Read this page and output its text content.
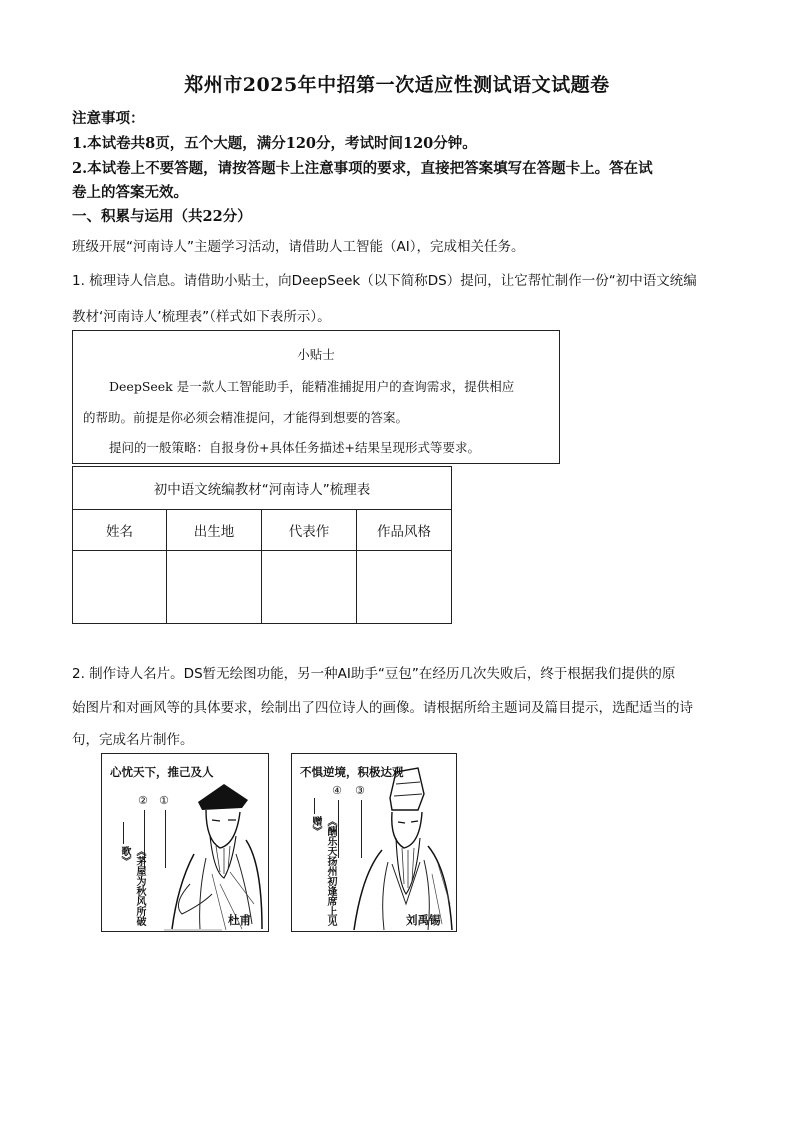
郑州市2025年中招第一次适应性测试语文试题卷
注意事项：
1.本试卷共8页，五个大题，满分120分，考试时间120分钟。
2.本试卷上不要答题，请按答题卡上注意事项的要求，直接把答案填写在答题卡上。答在试
卷上的答案无效。
一、积累与运用（共22分）
班级开展“河南诗人”主题学习活动，请借助人工智能（AI），完成相关任务。
1. 梳理诗人信息。请借助小贴士，向DeepSeek（以下简称DS）提问，让它帮忙制作一份“初中语文统编
教材‘河南诗人’梳理表”（样式如下表所示）。
小贴士
DeepSeek 是一款人工智能助手，能精准捕捉用户的查询需求，提供相应
的帮助。前提是你必须会精准提问，才能得到想要的答案。
提问的一般策略：自报身份+具体任务描述+结果呈现形式等要求。
初中语文统编教材“河南诗人”梳理表			
姓名	出生地	代表作	作品风格

2. 制作诗人名片。DS暂无绘图功能，另一种AI助手“豆包”在经历几次失败后，终于根据我们提供的原
始图片和对画风等的具体要求，绘制出了四位诗人的画像。请根据所给主题词及篇目提示，选配适当的诗
句，完成名片制作。
心忧天下，推己及人
② ①
《茅屋为秋风所破歌》
杜甫
不惧逆境，积极达观
④ ③
《酬乐天扬州初逢席上见赠》
刘禹锡
